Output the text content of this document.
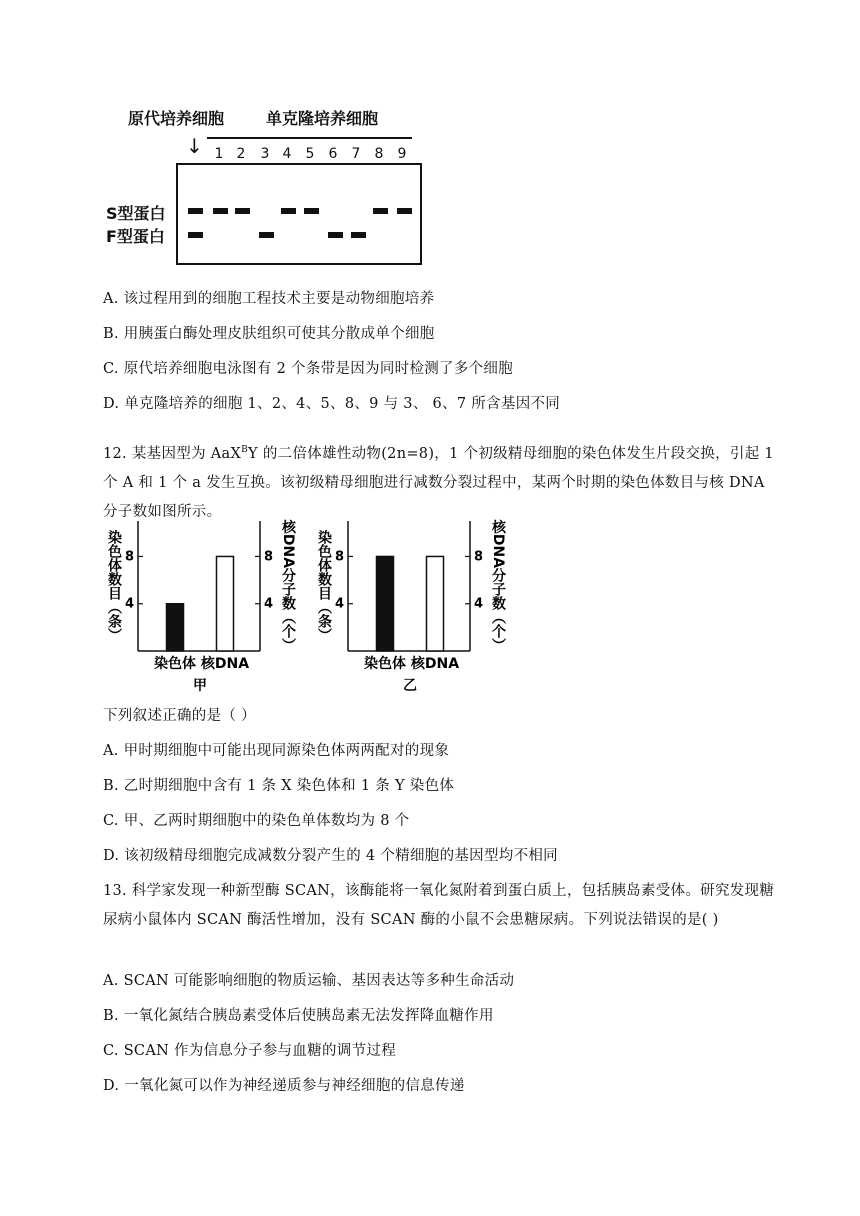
原代培养细胞	单克隆培养细胞
↓ 1 2	3 4	5	6	7	8	9
S型蛋白
F型蛋白
A. 该过程用到的细胞工程技术主要是动物细胞培养
B. 用胰蛋白酶处理皮肤组织可使其分散成单个细胞
C. 原代培养细胞电泳图有 2 个条带是因为同时检测了多个细胞
D. 单克隆培养的细胞 1、2、4、5、8、9 与 3、 6、7 所含基因不同
12. 某基因型为 AaX$^B$Y 的二倍体雄性动物(2n=8)，1 个初级精母细胞的染色体发生片段交换，引起 1 个 A 和 1 个 a 发生互换。该初级精母细胞进行减数分裂过程中，某两个时期的染色体数目与核 DNA 分子数如图所示。
4	4
8	8
染色体 核DNA
甲
染色体数目（条）	核DNA分子数（个）	4	4
8	8
染色体 核DNA
乙
染色体数目（条）	核DNA分子数（个）
下列叙述正确的是（ ）
A. 甲时期细胞中可能出现同源染色体两两配对的现象
B. 乙时期细胞中含有 1 条 X 染色体和 1 条 Y 染色体
C. 甲、乙两时期细胞中的染色单体数均为 8 个
D. 该初级精母细胞完成减数分裂产生的 4 个精细胞的基因型均不相同
13. 科学家发现一种新型酶 SCAN，该酶能将一氧化氮附着到蛋白质上，包括胰岛素受体。研究发现糖尿病小鼠体内 SCAN 酶活性增加，没有 SCAN 酶的小鼠不会患糖尿病。下列说法错误的是( )
A. SCAN 可能影响细胞的物质运输、基因表达等多种生命活动
B. 一氧化氮结合胰岛素受体后使胰岛素无法发挥降血糖作用
C. SCAN 作为信息分子参与血糖的调节过程
D. 一氧化氮可以作为神经递质参与神经细胞的信息传递
